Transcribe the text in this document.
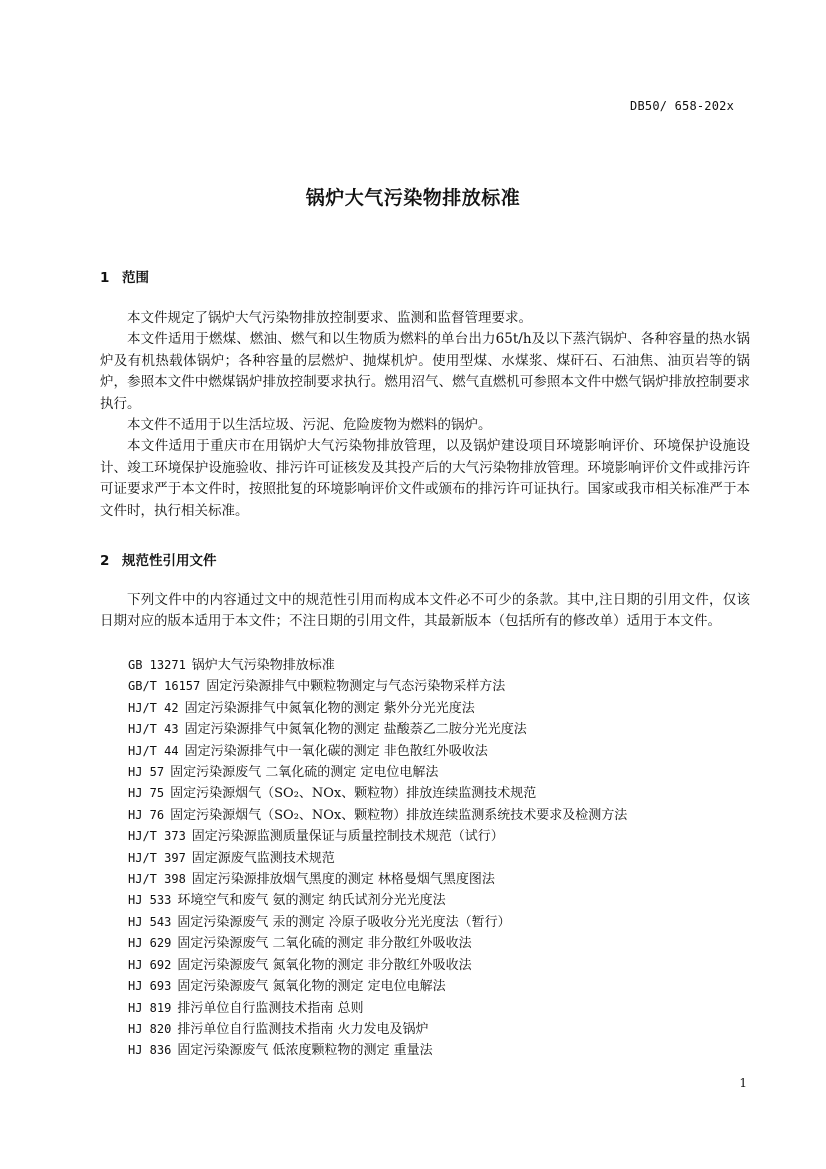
DB50/ 658-202x
锅炉大气污染物排放标准
1 范围

本文件规定了锅炉大气污染物排放控制要求、监测和监督管理要求。

本文件适用于燃煤、燃油、燃气和以生物质为燃料的单台出力65t/h及以下蒸汽锅炉、各种容量的热水锅炉及有机热载体锅炉；各种容量的层燃炉、抛煤机炉。使用型煤、水煤浆、煤矸石、石油焦、油页岩等的锅炉，参照本文件中燃煤锅炉排放控制要求执行。燃用沼气、燃气直燃机可参照本文件中燃气锅炉排放控制要求执行。

本文件不适用于以生活垃圾、污泥、危险废物为燃料的锅炉。

本文件适用于重庆市在用锅炉大气污染物排放管理，以及锅炉建设项目环境影响评价、环境保护设施设计、竣工环境保护设施验收、排污许可证核发及其投产后的大气污染物排放管理。环境影响评价文件或排污许可证要求严于本文件时，按照批复的环境影响评价文件或颁布的排污许可证执行。国家或我市相关标准严于本文件时，执行相关标准。

2 规范性引用文件

下列文件中的内容通过文中的规范性引用而构成本文件必不可少的条款。其中,注日期的引用文件，仅该日期对应的版本适用于本文件；不注日期的引用文件，其最新版本（包括所有的修改单）适用于本文件。

GB 13271 锅炉大气污染物排放标准
GB/T 16157 固定污染源排气中颗粒物测定与气态污染物采样方法
HJ/T 42 固定污染源排气中氮氧化物的测定 紫外分光光度法
HJ/T 43 固定污染源排气中氮氧化物的测定 盐酸萘乙二胺分光光度法
HJ/T 44 固定污染源排气中一氧化碳的测定 非色散红外吸收法
HJ 57 固定污染源废气 二氧化硫的测定 定电位电解法
HJ 75 固定污染源烟气（SO₂、NOx、颗粒物）排放连续监测技术规范
HJ 76 固定污染源烟气（SO₂、NOx、颗粒物）排放连续监测系统技术要求及检测方法
HJ/T 373 固定污染源监测质量保证与质量控制技术规范（试行）
HJ/T 397 固定源废气监测技术规范
HJ/T 398 固定污染源排放烟气黑度的测定 林格曼烟气黑度图法
HJ 533 环境空气和废气 氨的测定 纳氏试剂分光光度法
HJ 543 固定污染源废气 汞的测定 冷原子吸收分光光度法（暂行）
HJ 629 固定污染源废气 二氧化硫的测定 非分散红外吸收法
HJ 692 固定污染源废气 氮氧化物的测定 非分散红外吸收法
HJ 693 固定污染源废气 氮氧化物的测定 定电位电解法
HJ 819 排污单位自行监测技术指南 总则
HJ 820 排污单位自行监测技术指南 火力发电及锅炉
HJ 836 固定污染源废气 低浓度颗粒物的测定 重量法
1
